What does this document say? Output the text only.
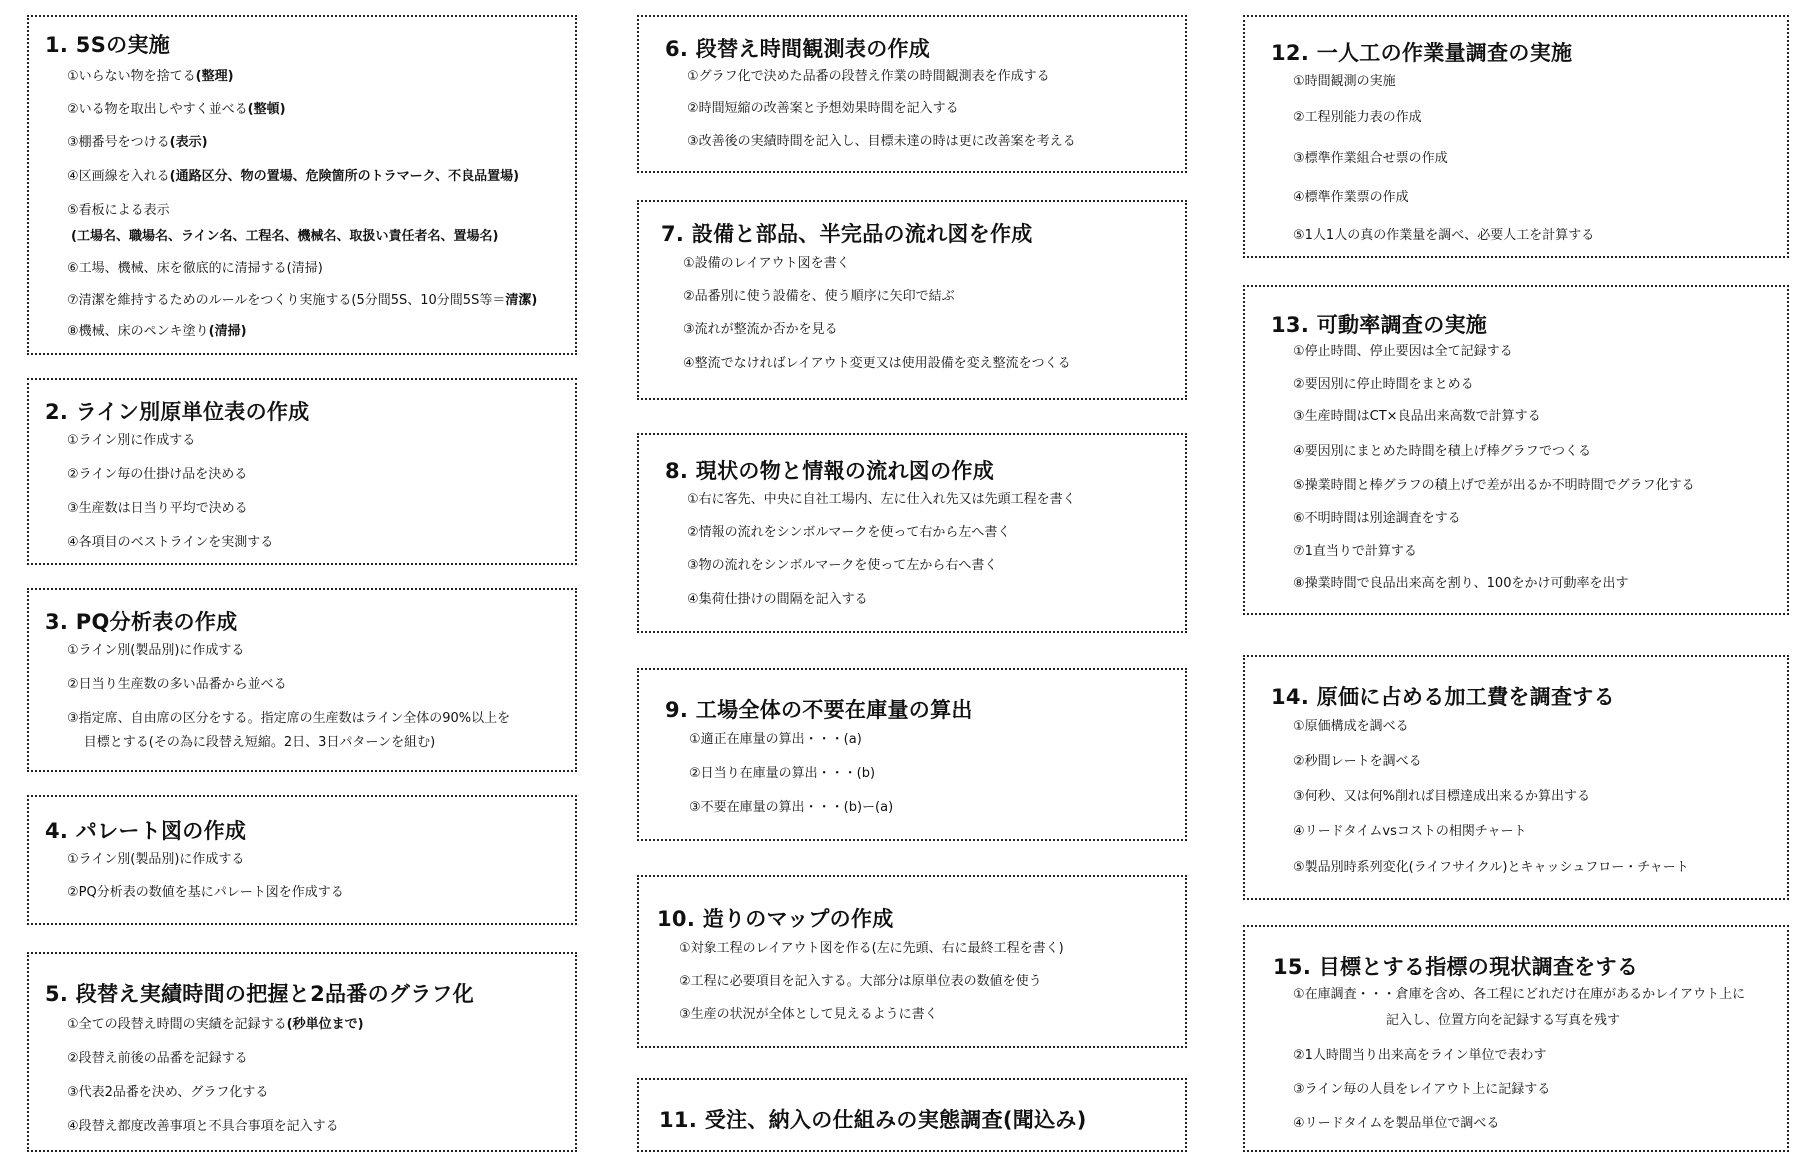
1. 5Sの実施

①いらない物を捨てる(整理)

②いる物を取出しやすく並べる(整頓)

③棚番号をつける(表示)

④区画線を入れる(通路区分、物の置場、危険箇所のトラマーク、不良品置場)

⑤看板による表示

(工場名、職場名、ライン名、工程名、機械名、取扱い責任者名、置場名)

⑥工場、機械、床を徹底的に清掃する(清掃)

⑦清潔を維持するためのルールをつくり実施する(5分間5S、10分間5S等＝清潔)

⑧機械、床のペンキ塗り(清掃)

2. ライン別原単位表の作成

①ライン別に作成する

②ライン毎の仕掛け品を決める

③生産数は日当り平均で決める

④各項目のベストラインを実測する

3. PQ分析表の作成

①ライン別(製品別)に作成する

②日当り生産数の多い品番から並べる

③指定席、自由席の区分をする。指定席の生産数はライン全体の90%以上を

目標とする(その為に段替え短縮。2日、3日パターンを組む)

4. パレート図の作成

①ライン別(製品別)に作成する

②PQ分析表の数値を基にパレート図を作成する

5. 段替え実績時間の把握と2品番のグラフ化

①全ての段替え時間の実績を記録する(秒単位まで)

②段替え前後の品番を記録する

③代表2品番を決め、グラフ化する

④段替え都度改善事項と不具合事項を記入する

6. 段替え時間観測表の作成

①グラフ化で決めた品番の段替え作業の時間観測表を作成する

②時間短縮の改善案と予想効果時間を記入する

③改善後の実績時間を記入し、目標未達の時は更に改善案を考える

7. 設備と部品、半完品の流れ図を作成

①設備のレイアウト図を書く

②品番別に使う設備を、使う順序に矢印で結ぶ

③流れが整流か否かを見る

④整流でなければレイアウト変更又は使用設備を変え整流をつくる

8. 現状の物と情報の流れ図の作成

①右に客先、中央に自社工場内、左に仕入れ先又は先頭工程を書く

②情報の流れをシンボルマークを使って右から左へ書く

③物の流れをシンボルマークを使って左から右へ書く

④集荷仕掛けの間隔を記入する

9. 工場全体の不要在庫量の算出

①適正在庫量の算出・・・(a)

②日当り在庫量の算出・・・(b)

③不要在庫量の算出・・・(b)ー(a)

10. 造りのマップの作成

①対象工程のレイアウト図を作る(左に先頭、右に最終工程を書く)

②工程に必要項目を記入する。大部分は原単位表の数値を使う

③生産の状況が全体として見えるように書く

11. 受注、納入の仕組みの実態調査(聞込み)
12. 一人工の作業量調査の実施

①時間観測の実施

②工程別能力表の作成

③標準作業組合せ票の作成

④標準作業票の作成

⑤1人1人の真の作業量を調べ、必要人工を計算する

13. 可動率調査の実施

①停止時間、停止要因は全て記録する

②要因別に停止時間をまとめる

③生産時間はCT×良品出来高数で計算する

④要因別にまとめた時間を積上げ棒グラフでつくる

⑤操業時間と棒グラフの積上げで差が出るか不明時間でグラフ化する

⑥不明時間は別途調査をする

⑦1直当りで計算する

⑧操業時間で良品出来高を割り、100をかけ可動率を出す

14. 原価に占める加工費を調査する

①原価構成を調べる

②秒間レートを調べる

③何秒、又は何%削れば目標達成出来るか算出する

④リードタイムvsコストの相関チャート

⑤製品別時系列変化(ライフサイクル)とキャッシュフロー・チャート

15. 目標とする指標の現状調査をする

①在庫調査・・・倉庫を含め、各工程にどれだけ在庫があるかレイアウト上に

記入し、位置方向を記録する写真を残す

②1人時間当り出来高をライン単位で表わす

③ライン毎の人員をレイアウト上に記録する

④リードタイムを製品単位で調べる
